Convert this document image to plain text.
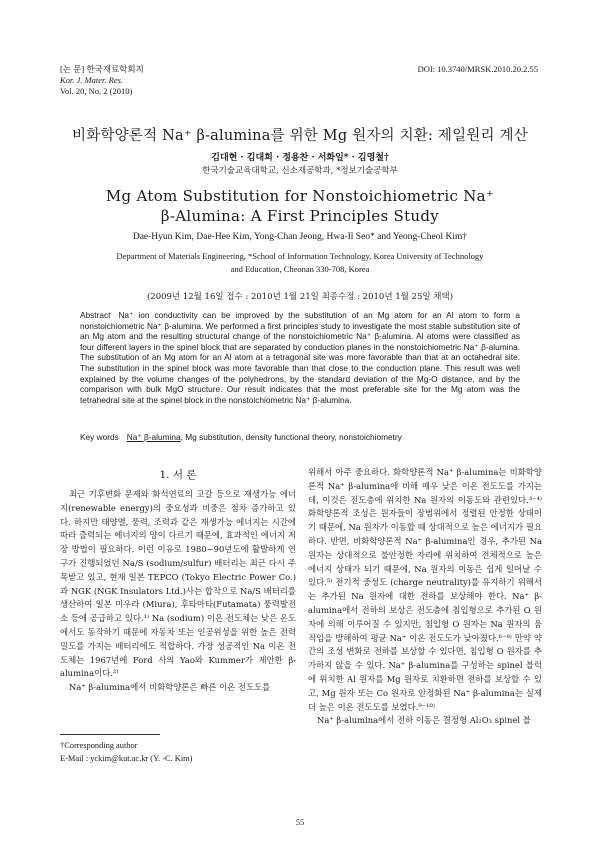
[논 문] 한국재료학회지
Kor. J. Mater. Res.
Vol. 20, No. 2 (2010)
DOI: 10.3740/MRSK.2010.20.2.55
비화학양론적 Na⁺ β-alumina를 위한 Mg 원자의 치환: 제일원리 계산
김대현 · 김대희 · 정용찬 · 서화일* · 김영철†
한국기술교육대학교, 신소재공학과, *정보기술공학부
Mg Atom Substitution for Nonstoichiometric Na⁺
β-Alumina: A First Principles Study
Dae-Hyun Kim, Dae-Hee Kim, Yong-Chan Jeong, Hwa-Il Seo* and Yeong-Cheol Kim†
Department of Materials Engineering, *School of Information Technology, Korea University of Technology
and Education, Cheonan 330-708, Korea
(2009년 12월 16일 접수 : 2010년 1월 21일 최종수정 : 2010년 1월 25일 채택)
Abstract Na⁺ ion conductivity can be improved by the substitution of an Mg atom for an Al atom to form a nonstoichiometric Na⁺ β-alumina. We performed a first principles study to investigate the most stable substitution site of an Mg atom and the resulting structural change of the nonstoichiometric Na⁺ β-alumina. Al atoms were classified as four different layers in the spinel block that are separated by conduction planes in the nonstoichiometric Na⁺ β-alumina. The substitution of an Mg atom for an Al atom at a tetragonal site was more favorable than that at an octahedral site. The substitution in the spinel block was more favorable than that close to the conduction plane. This result was well explained by the volume changes of the polyhedrons, by the standard deviation of the Mg-O distance, and by the comparison with bulk MgO structure. Our result indicates that the most preferable site for the Mg atom was the tetrahedral site at the spinel block in the nonstoichiometric Na⁺ β-alumina.
Key words Na⁺ β-alumina, Mg substitution, density functional theory, nonstoichiometry
1. 서 론

최근 기후변화 문제와 화석연료의 고갈 등으로 재생가능 에너지(renewable energy)의 중요성과 비중은 점차 증가하고 있다. 하지만 태양열, 풍력, 조력과 같은 재생가능 에너지는 시간에 따라 출력되는 에너지의 양이 다르기 때문에, 효과적인 에너지 저장 방법이 필요하다. 이런 이유로 1980~90년도에 활발하게 연구가 진행되었던 Na/S (sodium/sulfur) 배터리는 최근 다시 주목받고 있고, 현재 일본 TEPCO (Tokyo Electric Power Co.)과 NGK (NGK Insulators Ltd.)사는 합작으로 Na/S 배터리를 생산하여 일본 미우라 (Miura), 후타마타(Futamata) 풍력발전소 등에 공급하고 있다.¹⁾ Na (sodium) 이온 전도체는 낮은 온도에서도 동작하기 때문에 자동차 또는 인공위성을 위한 높은 전력 밀도를 가지는 배터리에도 적합하다. 가장 성공적인 Na 이온 전도체는 1967년에 Ford 사의 Yao와 Kummer가 제안한 β-alumina이다.²⁾

Na⁺ β-alumina에서 비화학양론은 빠른 이온 전도도를

위해서 아주 중요하다. 화학양론적 Na⁺ β-alumina는 비화학양론적 Na⁺ β-alumina에 비해 매우 낮은 이온 전도도를 가지는데, 이것은 전도층에 위치한 Na 원자의 이동도와 관련있다.³⁻⁴⁾ 화학양론적 조성은 원자들이 장범위에서 정렬된 안정한 상태이기 때문에, Na 원자가 이동할 때 상대적으로 높은 에너지가 필요하다. 반면, 비화학양론적 Na⁺ β-alumina인 경우, 추가된 Na 원자는 상대적으로 불안정한 자리에 위치하여 전체적으로 높은 에너지 상태가 되기 때문에, Na 원자의 이동은 쉽게 일어날 수 있다.⁵⁾ 전기적 중성도 (charge neutrality)를 유지하기 위해서는 추가된 Na 원자에 대한 전하를 보상해야 한다. Na⁺ β-alumina에서 전하의 보상은 전도층에 침입형으로 추가된 O 원자에 의해 이루어질 수 있지만, 침입형 O 원자는 Na 원자의 움직임을 방해하여 평균 Na⁺ 이온 전도도가 낮아졌다.⁶⁻⁸⁾ 만약 약간의 조성 변화로 전하를 보상할 수 있다면, 침입형 O 원자를 추가하지 않을 수 있다. Na⁺ β-alumina를 구성하는 spinel 블럭에 위치한 Al 원자를 Mg 원자로 치환하면 전하를 보상할 수 있고, Mg 원자 또는 Co 원자로 안정화된 Na⁺ β-alumina는 실제 더 높은 이온 전도도를 보였다.⁹⁻¹⁰⁾

Na⁺ β-alumina에서 전하 이동은 결정형 Al₂O₃ spinel 블

†Corresponding author
E-Mail : yckim@kut.ac.kr (Y. -C. Kim)
55
